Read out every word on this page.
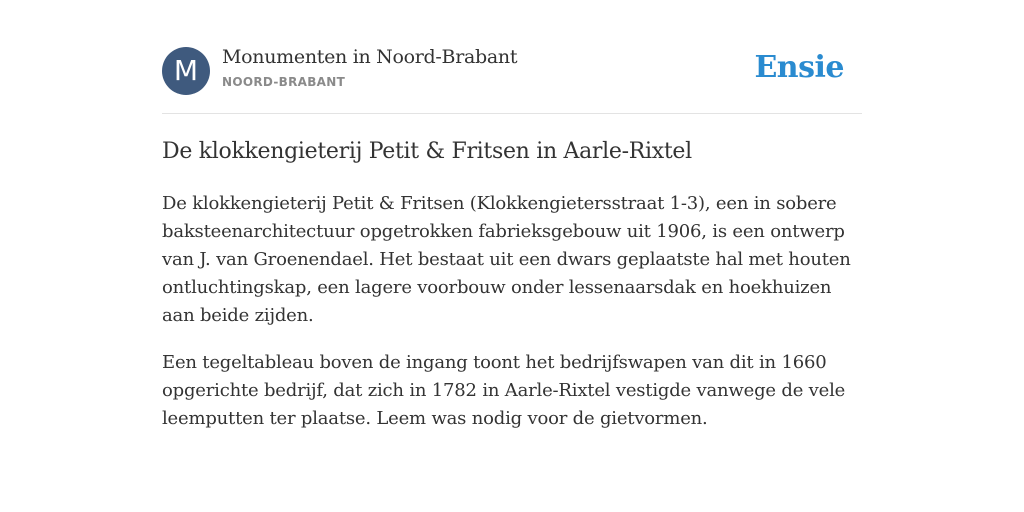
M	Monumenten in Noord-Brabant
NOORD-BRABANT	Ensie
De klokkengieterij Petit & Fritsen in Aarle-Rixtel

De klokkengieterij Petit & Fritsen (Klokkengietersstraat 1-3), een in sobere baksteenarchitectuur opgetrokken fabrieksgebouw uit 1906, is een ontwerp van J. van Groenendael. Het bestaat uit een dwars geplaatste hal met houten ontluchtingskap, een lagere voorbouw onder lessenaarsdak en hoekhuizen aan beide zijden.

Een tegeltableau boven de ingang toont het bedrijfswapen van dit in 1660 opgerichte bedrijf, dat zich in 1782 in Aarle-Rixtel vestigde vanwege de vele leemputten ter plaatse. Leem was nodig voor de gietvormen.
